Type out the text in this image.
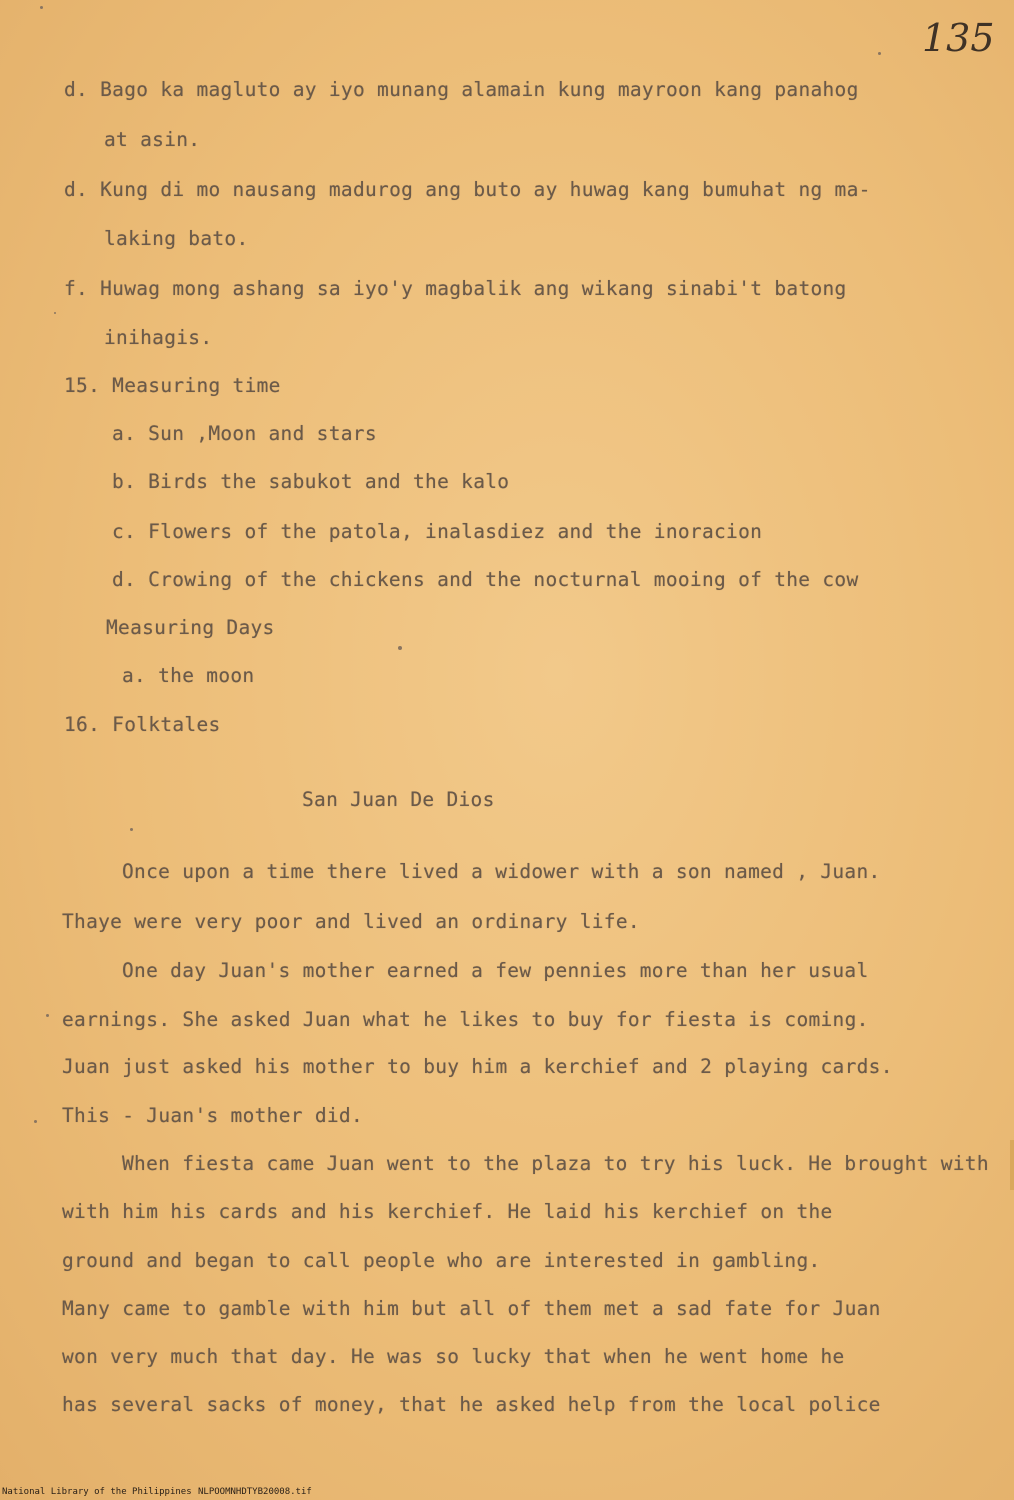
135
d. Bago ka magluto ay iyo munang alamain kung mayroon kang panahog
at asin.
d. Kung di mo nausang madurog ang buto ay huwag kang bumuhat ng ma-
laking bato.
f. Huwag mong ashang sa iyo'y magbalik ang wikang sinabi't batong
inihagis.
15. Measuring time
a. Sun ,Moon and stars
b. Birds the sabukot and the kalo
c. Flowers of the patola, inalasdiez and the inoracion
d. Crowing of the chickens and the nocturnal mooing of the cow
Measuring Days
a. the moon
16. Folktales
San Juan De Dios
Once upon a time there lived a widower with a son named , Juan.
Thaye were very poor and lived an ordinary life.
One day Juan's mother earned a few pennies more than her usual
earnings. She asked Juan what he likes to buy for fiesta is coming.
Juan just asked his mother to buy him a kerchief and 2 playing cards.
This - Juan's mother did.
When fiesta came Juan went to the plaza to try his luck. He brought with
with him his cards and his kerchief. He laid his kerchief on the
ground and began to call people who are interested in gambling.
Many came to gamble with him but all of them met a sad fate for Juan
won very much that day. He was so lucky that when he went home he
has several sacks of money, that he asked help from the local police
National Library of the Philippines NLPOOMNHDTYB20008.tif
